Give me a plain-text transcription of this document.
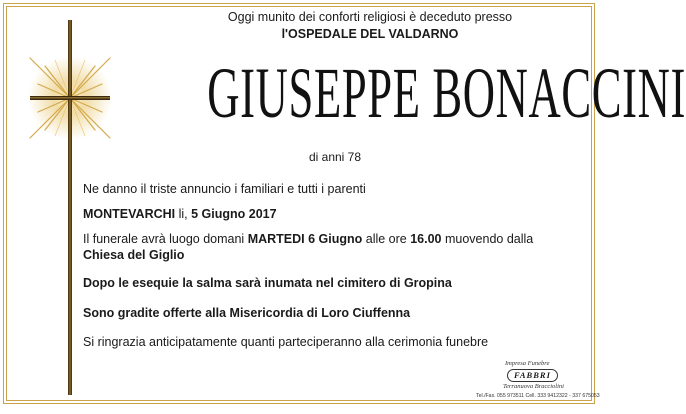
Oggi munito dei conforti religiosi è deceduto presso
l'OSPEDALE DEL VALDARNO
GIUSEPPE BONACCINI
di anni 78
Ne danno il triste annuncio i familiari e tutti i parenti
MONTEVARCHI li, 5 Giugno 2017
Il funerale avrà luogo domani MARTEDI 6 Giugno alle ore 16.00 muovendo dalla
Chiesa del Giglio
Dopo le esequie la salma sarà inumata nel cimitero di Gropina
Sono gradite offerte alla Misericordia di Loro Ciuffenna
Si ringrazia anticipatamente quanti parteciperanno alla cerimonia funebre
Impresa Funebre
FABBRI
Terranuova Bracciolini
Tel./Fax. 055 973511 Cell. 333 9412322 - 337 675053
